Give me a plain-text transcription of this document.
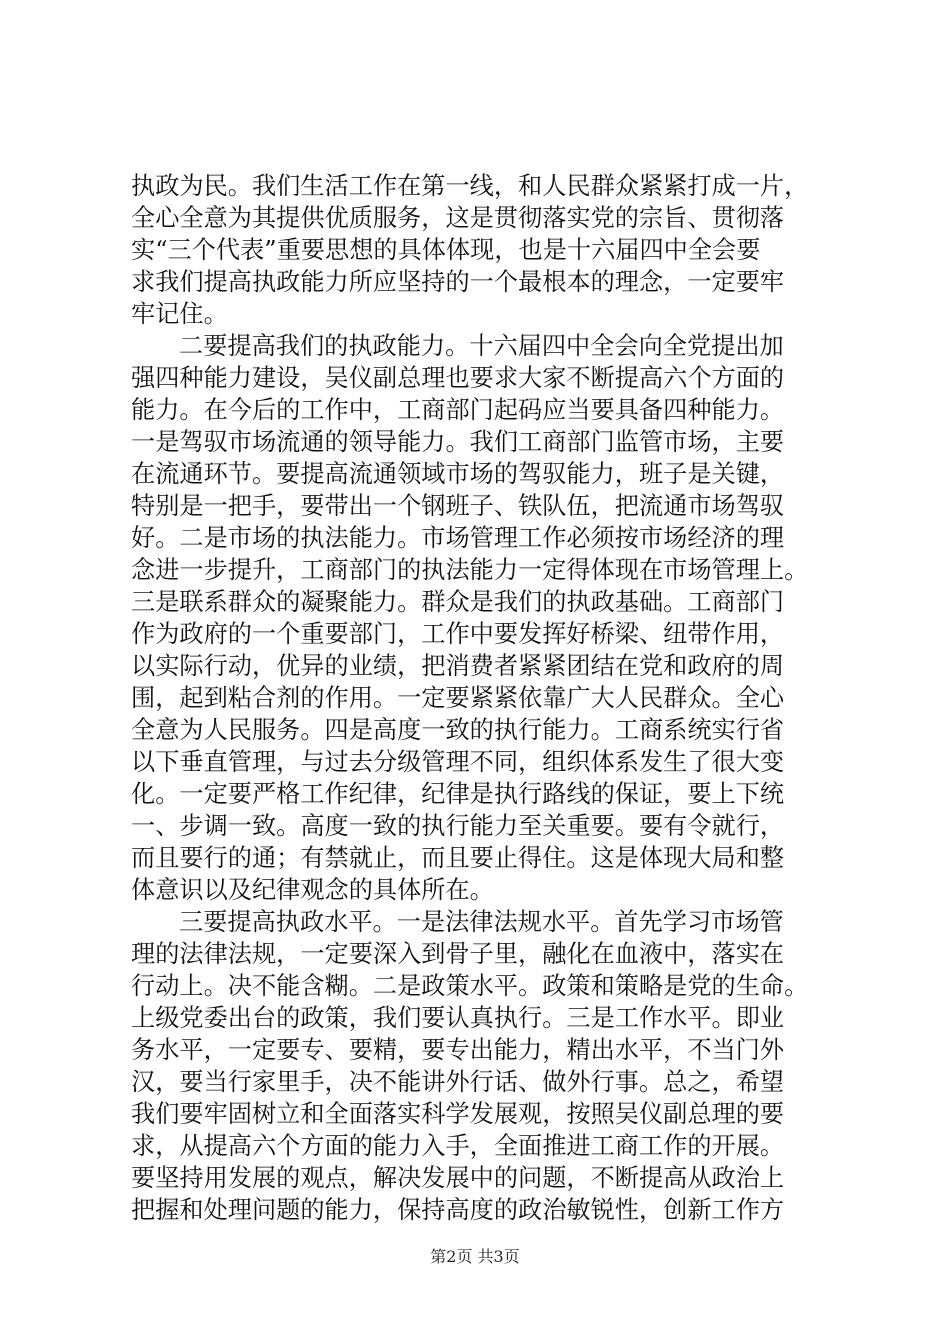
执政为民。我们生活工作在第一线，和人民群众紧紧打成一片，
全心全意为其提供优质服务，这是贯彻落实党的宗旨、贯彻落
实“三个代表”重要思想的具体体现，也是十六届四中全会要
求我们提高执政能力所应坚持的一个最根本的理念，一定要牢
牢记住。
二要提高我们的执政能力。十六届四中全会向全党提出加
强四种能力建设，吴仪副总理也要求大家不断提高六个方面的
能力。在今后的工作中，工商部门起码应当要具备四种能力。
一是驾驭市场流通的领导能力。我们工商部门监管市场，主要
在流通环节。要提高流通领域市场的驾驭能力，班子是关键，
特别是一把手，要带出一个钢班子、铁队伍，把流通市场驾驭
好。二是市场的执法能力。市场管理工作必须按市场经济的理
念进一步提升，工商部门的执法能力一定得体现在市场管理上。
三是联系群众的凝聚能力。群众是我们的执政基础。工商部门
作为政府的一个重要部门，工作中要发挥好桥梁、纽带作用，
以实际行动，优异的业绩，把消费者紧紧团结在党和政府的周
围，起到粘合剂的作用。一定要紧紧依靠广大人民群众。全心
全意为人民服务。四是高度一致的执行能力。工商系统实行省
以下垂直管理，与过去分级管理不同，组织体系发生了很大变
化。一定要严格工作纪律，纪律是执行路线的保证，要上下统
一、步调一致。高度一致的执行能力至关重要。要有令就行，
而且要行的通；有禁就止，而且要止得住。这是体现大局和整
体意识以及纪律观念的具体所在。
三要提高执政水平。一是法律法规水平。首先学习市场管
理的法律法规，一定要深入到骨子里，融化在血液中，落实在
行动上。决不能含糊。二是政策水平。政策和策略是党的生命。
上级党委出台的政策，我们要认真执行。三是工作水平。即业
务水平，一定要专、要精，要专出能力，精出水平，不当门外
汉，要当行家里手，决不能讲外行话、做外行事。总之，希望
我们要牢固树立和全面落实科学发展观，按照吴仪副总理的要
求，从提高六个方面的能力入手，全面推进工商工作的开展。
要坚持用发展的观点，解决发展中的问题，不断提高从政治上
把握和处理问题的能力，保持高度的政治敏锐性，创新工作方
第2页 共3页
